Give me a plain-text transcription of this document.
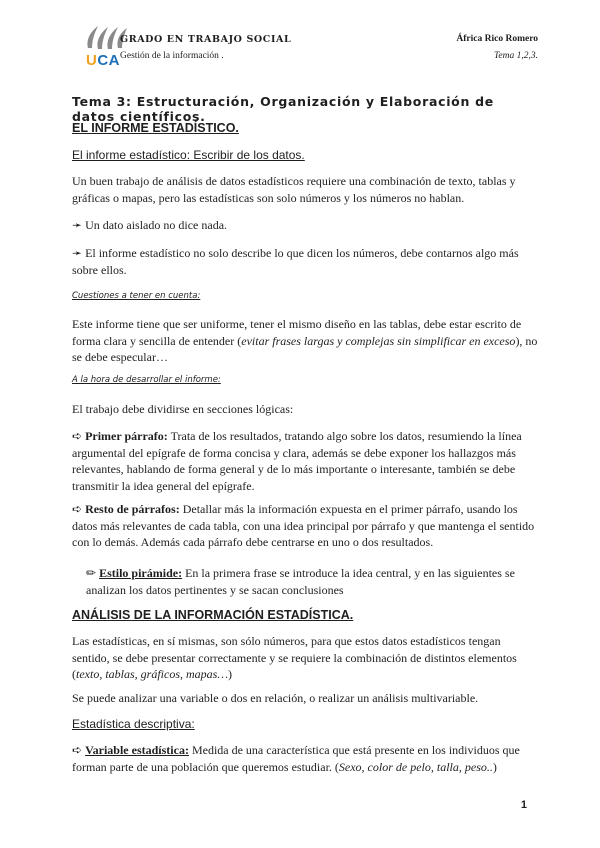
UCA
GRADO EN TRABAJO SOCIAL
Gestión de la información .
África Rico Romero
Tema 1,2,3.
Tema 3: Estructuración, Organización y Elaboración de datos científicos.
EL INFORME ESTADÍSTICO.
El informe estadístico: Escribir de los datos.
Un buen trabajo de análisis de datos estadísticos requiere una combinación de texto, tablas y gráficas o mapas, pero las estadísticas son solo números y los números no hablan.
➛ Un dato aislado no dice nada.
➛ El informe estadístico no solo describe lo que dicen los números, debe contarnos algo más sobre ellos.
Cuestiones a tener en cuenta:
Este informe tiene que ser uniforme, tener el mismo diseño en las tablas, debe estar escrito de forma clara y sencilla de entender (evitar frases largas y complejas sin simplificar en exceso), no se debe especular…
A la hora de desarrollar el informe:
El trabajo debe dividirse en secciones lógicas:
➪ Primer párrafo: Trata de los resultados, tratando algo sobre los datos, resumiendo la línea argumental del epígrafe de forma concisa y clara, además se debe exponer los hallazgos más relevantes, hablando de forma general y de lo más importante o interesante, también se debe transmitir la idea general del epígrafe.
➪ Resto de párrafos: Detallar más la información expuesta en el primer párrafo, usando los datos más relevantes de cada tabla, con una idea principal por párrafo y que mantenga el sentido con lo demás. Además cada párrafo debe centrarse en uno o dos resultados.
✏ Estilo pirámide: En la primera frase se introduce la idea central, y en las siguientes se analizan los datos pertinentes y se sacan conclusiones
ANÁLISIS DE LA INFORMACIÓN ESTADÍSTICA.
Las estadísticas, en sí mismas, son sólo números, para que estos datos estadísticos tengan sentido, se debe presentar correctamente y se requiere la combinación de distintos elementos (texto, tablas, gráficos, mapas…)
Se puede analizar una variable o dos en relación, o realizar un análisis multivariable.
Estadística descriptiva:
➪ Variable estadística: Medida de una característica que está presente en los individuos que forman parte de una población que queremos estudiar. (Sexo, color de pelo, talla, peso..)
1
